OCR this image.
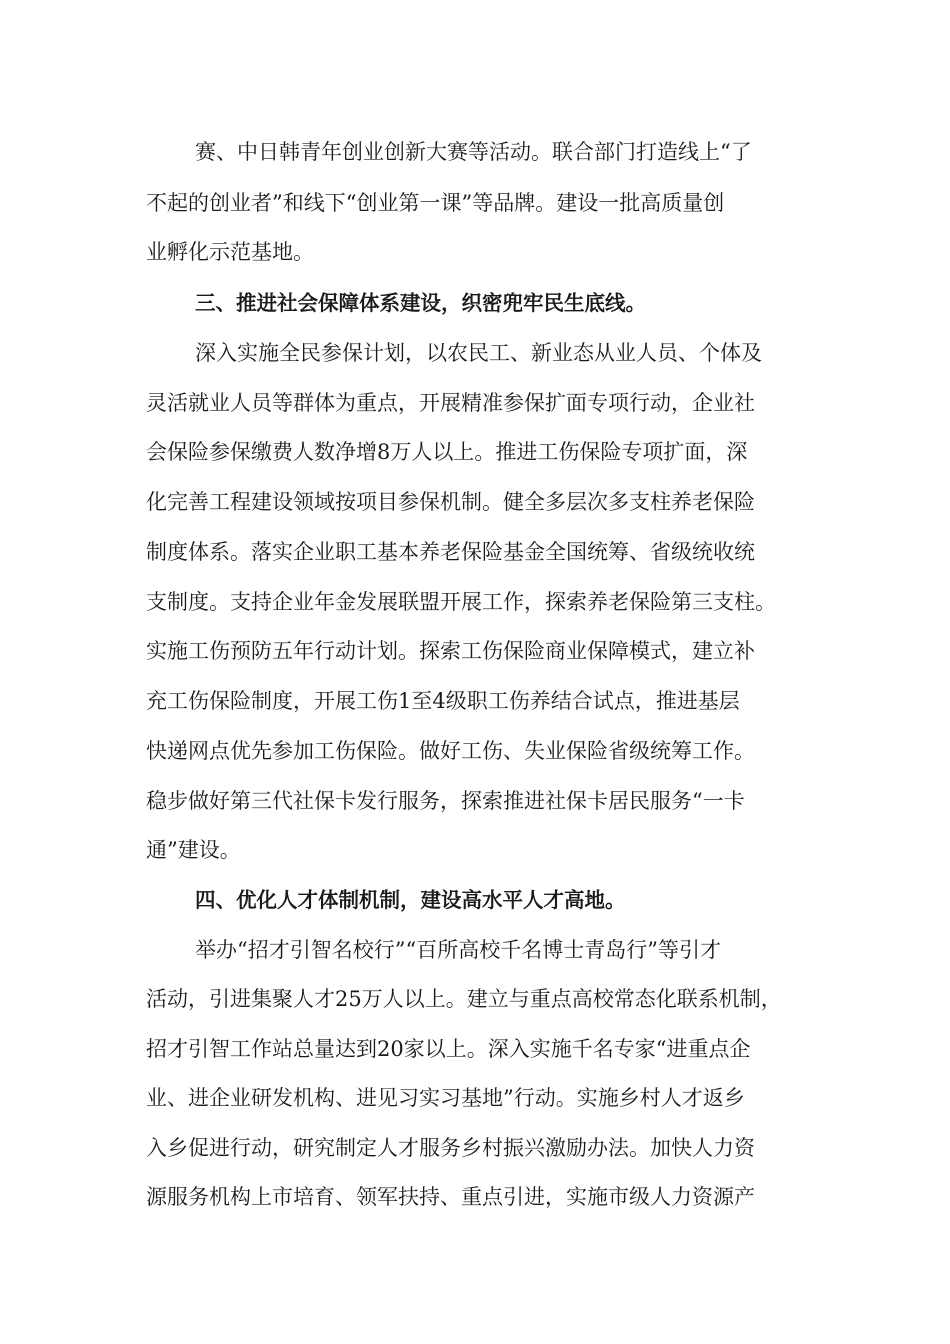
赛、中日韩青年创业创新大赛等活动。联合部门打造线上“了
不起的创业者”和线下“创业第一课”等品牌。建设一批高质量创
业孵化示范基地。
三、推进社会保障体系建设，织密兜牢民生底线。
深入实施全民参保计划，以农民工、新业态从业人员、个体及
灵活就业人员等群体为重点，开展精准参保扩面专项行动，企业社
会保险参保缴费人数净增8万人以上。推进工伤保险专项扩面，深
化完善工程建设领域按项目参保机制。健全多层次多支柱养老保险
制度体系。落实企业职工基本养老保险基金全国统筹、省级统收统
支制度。支持企业年金发展联盟开展工作，探索养老保险第三支柱。
实施工伤预防五年行动计划。探索工伤保险商业保障模式，建立补
充工伤保险制度，开展工伤1至4级职工伤养结合试点，推进基层
快递网点优先参加工伤保险。做好工伤、失业保险省级统筹工作。
稳步做好第三代社保卡发行服务，探索推进社保卡居民服务“一卡
通”建设。
四、优化人才体制机制，建设高水平人才高地。
举办“招才引智名校行”“百所高校千名博士青岛行”等引才
活动，引进集聚人才25万人以上。建立与重点高校常态化联系机制，
招才引智工作站总量达到20家以上。深入实施千名专家“进重点企
业、进企业研发机构、进见习实习基地”行动。实施乡村人才返乡
入乡促进行动，研究制定人才服务乡村振兴激励办法。加快人力资
源服务机构上市培育、领军扶持、重点引进，实施市级人力资源产
